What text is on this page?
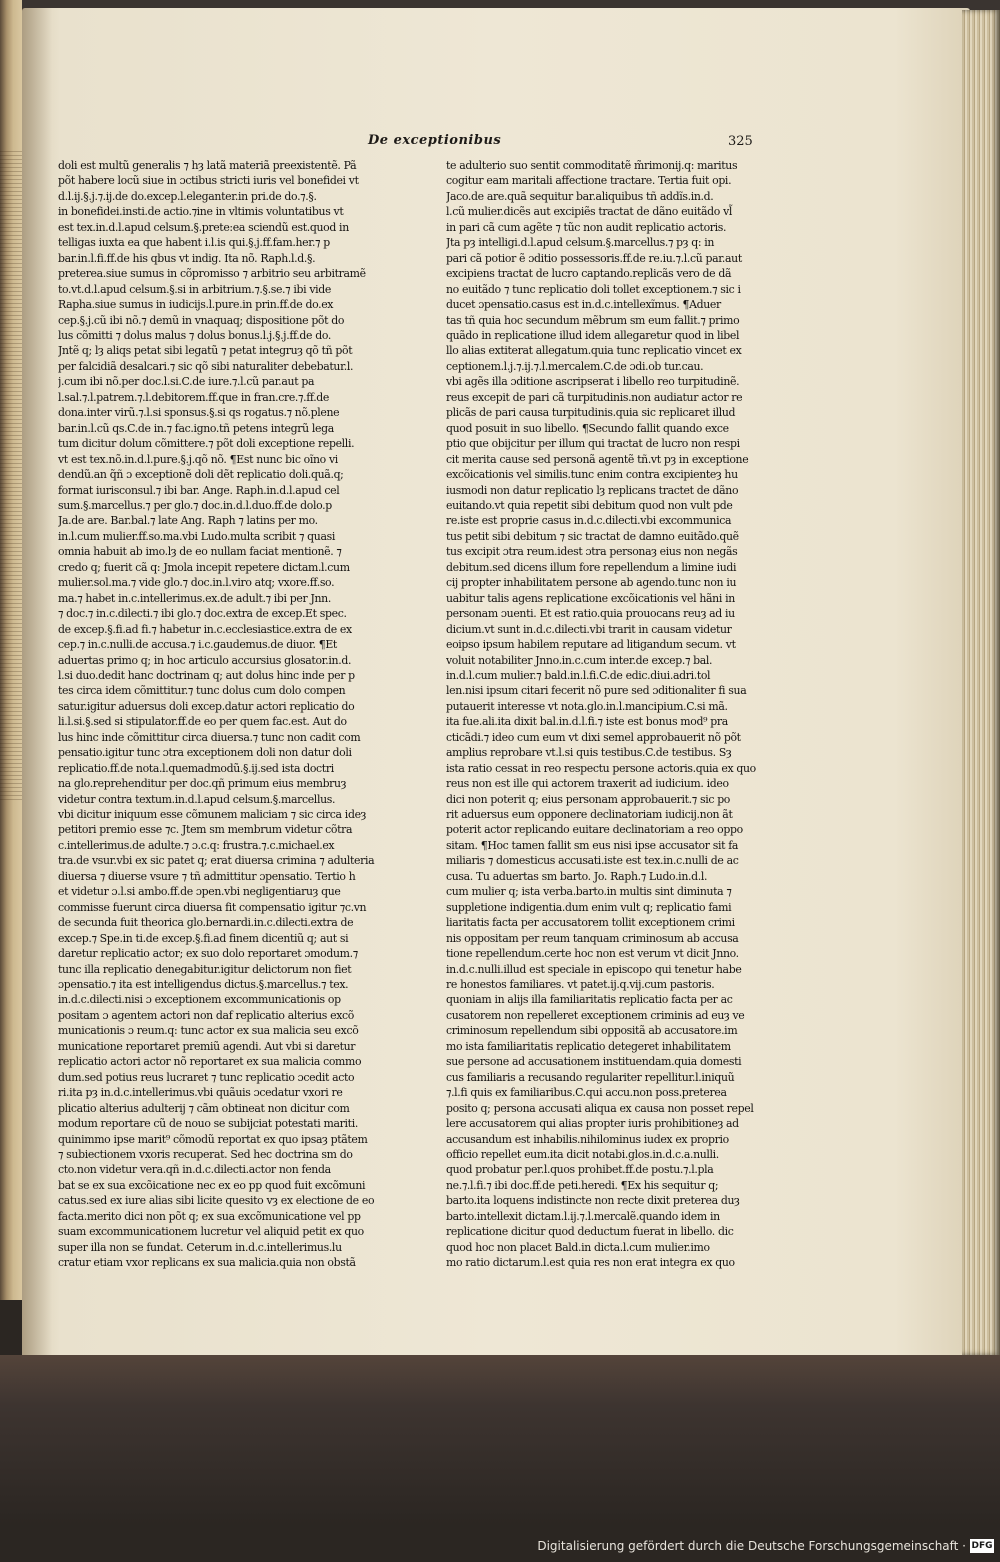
De exceptionibus	325
doli est multũ generalis ⁊ hȝ latã materiã preexistentẽ. Pã
põt habere locũ siue in ɔctibus stricti iuris vel bonefidei vt
d.l.ij.§.j.⁊.ij.de do.excep.l.eleganter.in pri.de do.⁊.§.
in bonefidei.insti.de actio.⁊ine in vltimis voluntatibus vt
est tex.in.d.l.apud celsum.§.prete:ea sciendũ est.quod in
telligas iuxta ea que habent i.l.is qui.§.j.ff.fam.her.⁊ p
bar.in.l.fi.ff.de his qbus vt indig. Ita nõ. Raph.l.d.§.
preterea.siue sumus in cõpromisso ⁊ arbitrio seu arbitramẽ
to.vt.d.l.apud celsum.§.si in arbitrium.⁊.§.se.⁊ ibi vide
Rapha.siue sumus in iudicijs.l.pure.in prin.ff.de do.ex
cep.§.j.cũ ibi nõ.⁊ demũ in vnaquaq; dispositione põt do
lus cõmitti ⁊ dolus malus ⁊ dolus bonus.l.j.§.j.ff.de do.
Jntẽ q; lȝ aliqs petat sibi legatũ ⁊ petat integruȝ qõ tñ põt
per falcidiã desalcari.⁊ sic qõ sibi naturaliter debebatur.l.
j.cum ibi nõ.per doc.l.si.C.de iure.⁊.l.cũ par.aut pa
l.sal.⁊.l.patrem.⁊.l.debitorem.ff.que in fran.cre.⁊.ff.de
dona.inter virũ.⁊.l.si sponsus.§.si qs rogatus.⁊ nõ.plene
bar.in.l.cũ qs.C.de in.⁊ fac.igno.tñ petens integrũ lega
tum dicitur dolum cõmittere.⁊ põt doli exceptione repelli.
vt est tex.nõ.in.d.l.pure.§.j.qõ nõ. ¶Est nunc bic oĩno vi
dendũ.an q̃ñ ɔ exceptionẽ doli dẽt replicatio doli.quã.q;
format iurisconsul.⁊ ibi bar. Ange. Raph.in.d.l.apud cel
sum.§.marcellus.⁊ per glo.⁊ doc.in.d.l.duo.ff.de dolo.p
Ja.de are. Bar.bal.⁊ late Ang. Raph ⁊ latins per mo.
in.l.cum mulier.ff.so.ma.vbi Ludo.multa scribit ⁊ quasi
omnia habuit ab imo.lȝ de eo nullam faciat mentionẽ. ⁊
credo q; fuerit cã q: Jmola incepit repetere dictam.l.cum
mulier.sol.ma.⁊ vide glo.⁊ doc.in.l.viro atq; vxore.ff.so.
ma.⁊ habet in.c.intellerimus.ex.de adult.⁊ ibi per Jnn.
⁊ doc.⁊ in.c.dilecti.⁊ ibi glo.⁊ doc.extra de excep.Et spec.
de excep.§.fi.ad fi.⁊ habetur in.c.ecclesiastice.extra de ex
cep.⁊ in.c.nulli.de accusa.⁊ i.c.gaudemus.de diuor. ¶Et
aduertas primo q; in hoc articulo accursius glosator.in.d.
l.si duo.dedit hanc doctrinam q; aut dolus hinc inde per p
tes circa idem cõmittitur.⁊ tunc dolus cum dolo compen
satur.igitur aduersus doli excep.datur actori replicatio do
li.l.si.§.sed si stipulator.ff.de eo per quem fac.est. Aut do
lus hinc inde cõmittitur circa diuersa.⁊ tunc non cadit com
pensatio.igitur tunc ɔtra exceptionem doli non datur doli
replicatio.ff.de nota.l.quemadmodũ.§.ij.sed ista doctri
na glo.reprehenditur per doc.qñ primum eius membruȝ
videtur contra textum.in.d.l.apud celsum.§.marcellus.
vbi dicitur iniquum esse cõmunem maliciam ⁊ sic circa ideȝ
petitori premio esse ⁊c. Jtem sm membrum videtur cõtra
c.intellerimus.de adulte.⁊ ɔ.c.q: frustra.⁊.c.michael.ex
tra.de vsur.vbi ex sic patet q; erat diuersa crimina ⁊ adulteria
diuersa ⁊ diuerse vsure ⁊ tñ admittitur ɔpensatio. Tertio h
et videtur ɔ.l.si ambo.ff.de ɔpen.vbi negligentiaruȝ que
commisse fuerunt circa diuersa fit compensatio igitur ⁊c.vn
de secunda fuit theorica glo.bernardi.in.c.dilecti.extra de
excep.⁊ Spe.in ti.de excep.§.fi.ad finem dicentiũ q; aut si
daretur replicatio actor; ex suo dolo reportaret ɔmodum.⁊
tunc illa replicatio denegabitur.igitur delictorum non fiet
ɔpensatio.⁊ ita est intelligendus dictus.§.marcellus.⁊ tex.
in.d.c.dilecti.nisi ɔ exceptionem excommunicationis op
positam ɔ agentem actori non daf replicatio alterius excõ
municationis ɔ reum.q: tunc actor ex sua malicia seu excõ
municatione reportaret premiũ agendi. Aut vbi si daretur
replicatio actori actor nõ reportaret ex sua malicia commo
dum.sed potius reus lucraret ⁊ tunc replicatio ɔcedit acto
ri.ita pȝ in.d.c.intellerimus.vbi quãuis ɔcedatur vxori re
plicatio alterius adulterij ⁊ cãm obtineat non dicitur com
modum reportare cũ de nouo se subijciat potestati mariti.
quinimmo ipse marit⁹ cõmodũ reportat ex quo ipsaȝ ptãtem
⁊ subiectionem vxoris recuperat. Sed hec doctrina sm do
cto.non videtur vera.qñ in.d.c.dilecti.actor non fenda
bat se ex sua excõicatione nec ex eo pp quod fuit excõmuni
catus.sed ex iure alias sibi licite quesito vȝ ex electione de eo
facta.merito dici non põt q; ex sua excõmunicatione vel pp
suam excommunicationem lucretur vel aliquid petit ex quo
super illa non se fundat. Ceterum in.d.c.intellerimus.lu
cratur etiam vxor replicans ex sua malicia.quia non obstã
te adulterio suo sentit commoditatẽ m̃rimonij.q: maritus
cogitur eam maritali affectione tractare. Tertia fuit opi.
Jaco.de are.quã sequitur bar.aliquibus tñ addĩs.in.d.
l.cũ mulier.dicẽs aut excipiẽs tractat de dãno euitãdo vl̃
in pari cã cum agẽte ⁊ tũc non audit replicatio actoris.
Jta pȝ intelligi.d.l.apud celsum.§.marcellus.⁊ pȝ q: in
pari cã potior ẽ ɔditio possessoris.ff.de re.iu.⁊.l.cũ par.aut
excipiens tractat de lucro captando.replicãs vero de dã
no euitãdo ⁊ tunc replicatio doli tollet exceptionem.⁊ sic i
ducet ɔpensatio.casus est in.d.c.intellexĩmus. ¶Aduer
tas tñ quia hoc secundum mẽbrum sm eum fallit.⁊ primo
quãdo in replicatione illud idem allegaretur quod in libel
llo alias extiterat allegatum.quia tunc replicatio vincet ex
ceptionem.l.j.⁊.ij.⁊.l.mercalem.C.de ɔdi.ob tur.cau.
vbi agẽs illa ɔditione ascripserat i libello reo turpitudinẽ.
reus excepit de pari cã turpitudinis.non audiatur actor re
plicãs de pari causa turpitudinis.quia sic replicaret illud
quod posuit in suo libello. ¶Secundo fallit quando exce
ptio que obijcitur per illum qui tractat de lucro non respi
cit merita cause sed personã agentẽ tñ.vt pȝ in exceptione
excõicationis vel similis.tunc enim contra excipienteȝ hu
iusmodi non datur replicatio lȝ replicans tractet de dãno
euitando.vt quia repetit sibi debitum quod non vult pde
re.iste est proprie casus in.d.c.dilecti.vbi excommunica
tus petit sibi debitum ⁊ sic tractat de damno euitãdo.quẽ
tus excipit ɔtra reum.idest ɔtra personaȝ eius non negãs
debitum.sed dicens illum fore repellendum a limine iudi
cij propter inhabilitatem persone ab agendo.tunc non iu
uabitur talis agens replicatione excõicationis vel hãni in
personam ɔuenti. Et est ratio.quia prouocans reuȝ ad iu
dicium.vt sunt in.d.c.dilecti.vbi trarit in causam videtur
eoipso ipsum habilem reputare ad litigandum secum. vt
voluit notabiliter Jnno.in.c.cum inter.de excep.⁊ bal.
in.d.l.cum mulier.⁊ bald.in.l.fi.C.de edic.diui.adri.tol
len.nisi ipsum citari fecerit nõ pure sed ɔditionaliter fi sua
putauerit interesse vt nota.glo.in.l.mancipium.C.si mã.
ita fue.ali.ita dixit bal.in.d.l.fi.⁊ iste est bonus mod⁹ pra
cticãdi.⁊ ideo cum eum vt dixi semel approbauerit nõ põt
amplius reprobare vt.l.si quis testibus.C.de testibus. Sȝ
ista ratio cessat in reo respectu persone actoris.quia ex quo
reus non est ille qui actorem traxerit ad iudicium. ideo
dici non poterit q; eius personam approbauerit.⁊ sic po
rit aduersus eum opponere declinatoriam iudicij.non ãt
poterit actor replicando euitare declinatoriam a reo oppo
sitam. ¶Hoc tamen fallit sm eus nisi ipse accusator sit fa
miliaris ⁊ domesticus accusati.iste est tex.in.c.nulli de ac
cusa. Tu aduertas sm barto. Jo. Raph.⁊ Ludo.in.d.l.
cum mulier q; ista verba.barto.in multis sint diminuta ⁊
suppletione indigentia.dum enim vult q; replicatio fami
liaritatis facta per accusatorem tollit exceptionem crimi
nis oppositam per reum tanquam criminosum ab accusa
tione repellendum.certe hoc non est verum vt dicit Jnno.
in.d.c.nulli.illud est speciale in episcopo qui tenetur habe
re honestos familiares. vt patet.ij.q.vij.cum pastoris.
quoniam in alijs illa familiaritatis replicatio facta per ac
cusatorem non repelleret exceptionem criminis ad euȝ ve
criminosum repellendum sibi oppositã ab accusatore.im
mo ista familiaritatis replicatio detegeret inhabilitatem
sue persone ad accusationem instituendam.quia domesti
cus familiaris a recusando regulariter repellitur.l.iniquũ
⁊.l.fi quis ex familiaribus.C.qui accu.non poss.preterea
posito q; persona accusati aliqua ex causa non posset repel
lere accusatorem qui alias propter iuris prohibitioneȝ ad
accusandum est inhabilis.nihilominus iudex ex proprio
officio repellet eum.ita dicit notabi.glos.in.d.c.a.nulli.
quod probatur per.l.quos prohibet.ff.de postu.⁊.l.pla
ne.⁊.l.fi.⁊ ibi doc.ff.de peti.heredi. ¶Ex his sequitur q;
barto.ita loquens indistincte non recte dixit preterea duȝ
barto.intellexit dictam.l.ij.⁊.l.mercalẽ.quando idem in
replicatione dicitur quod deductum fuerat in libello. dic
quod hoc non placet Bald.in dicta.l.cum mulier.imo
mo ratio dictarum.l.est quia res non erat integra ex quo
Digitalisierung gefördert durch die Deutsche Forschungsgemeinschaft · DFG
